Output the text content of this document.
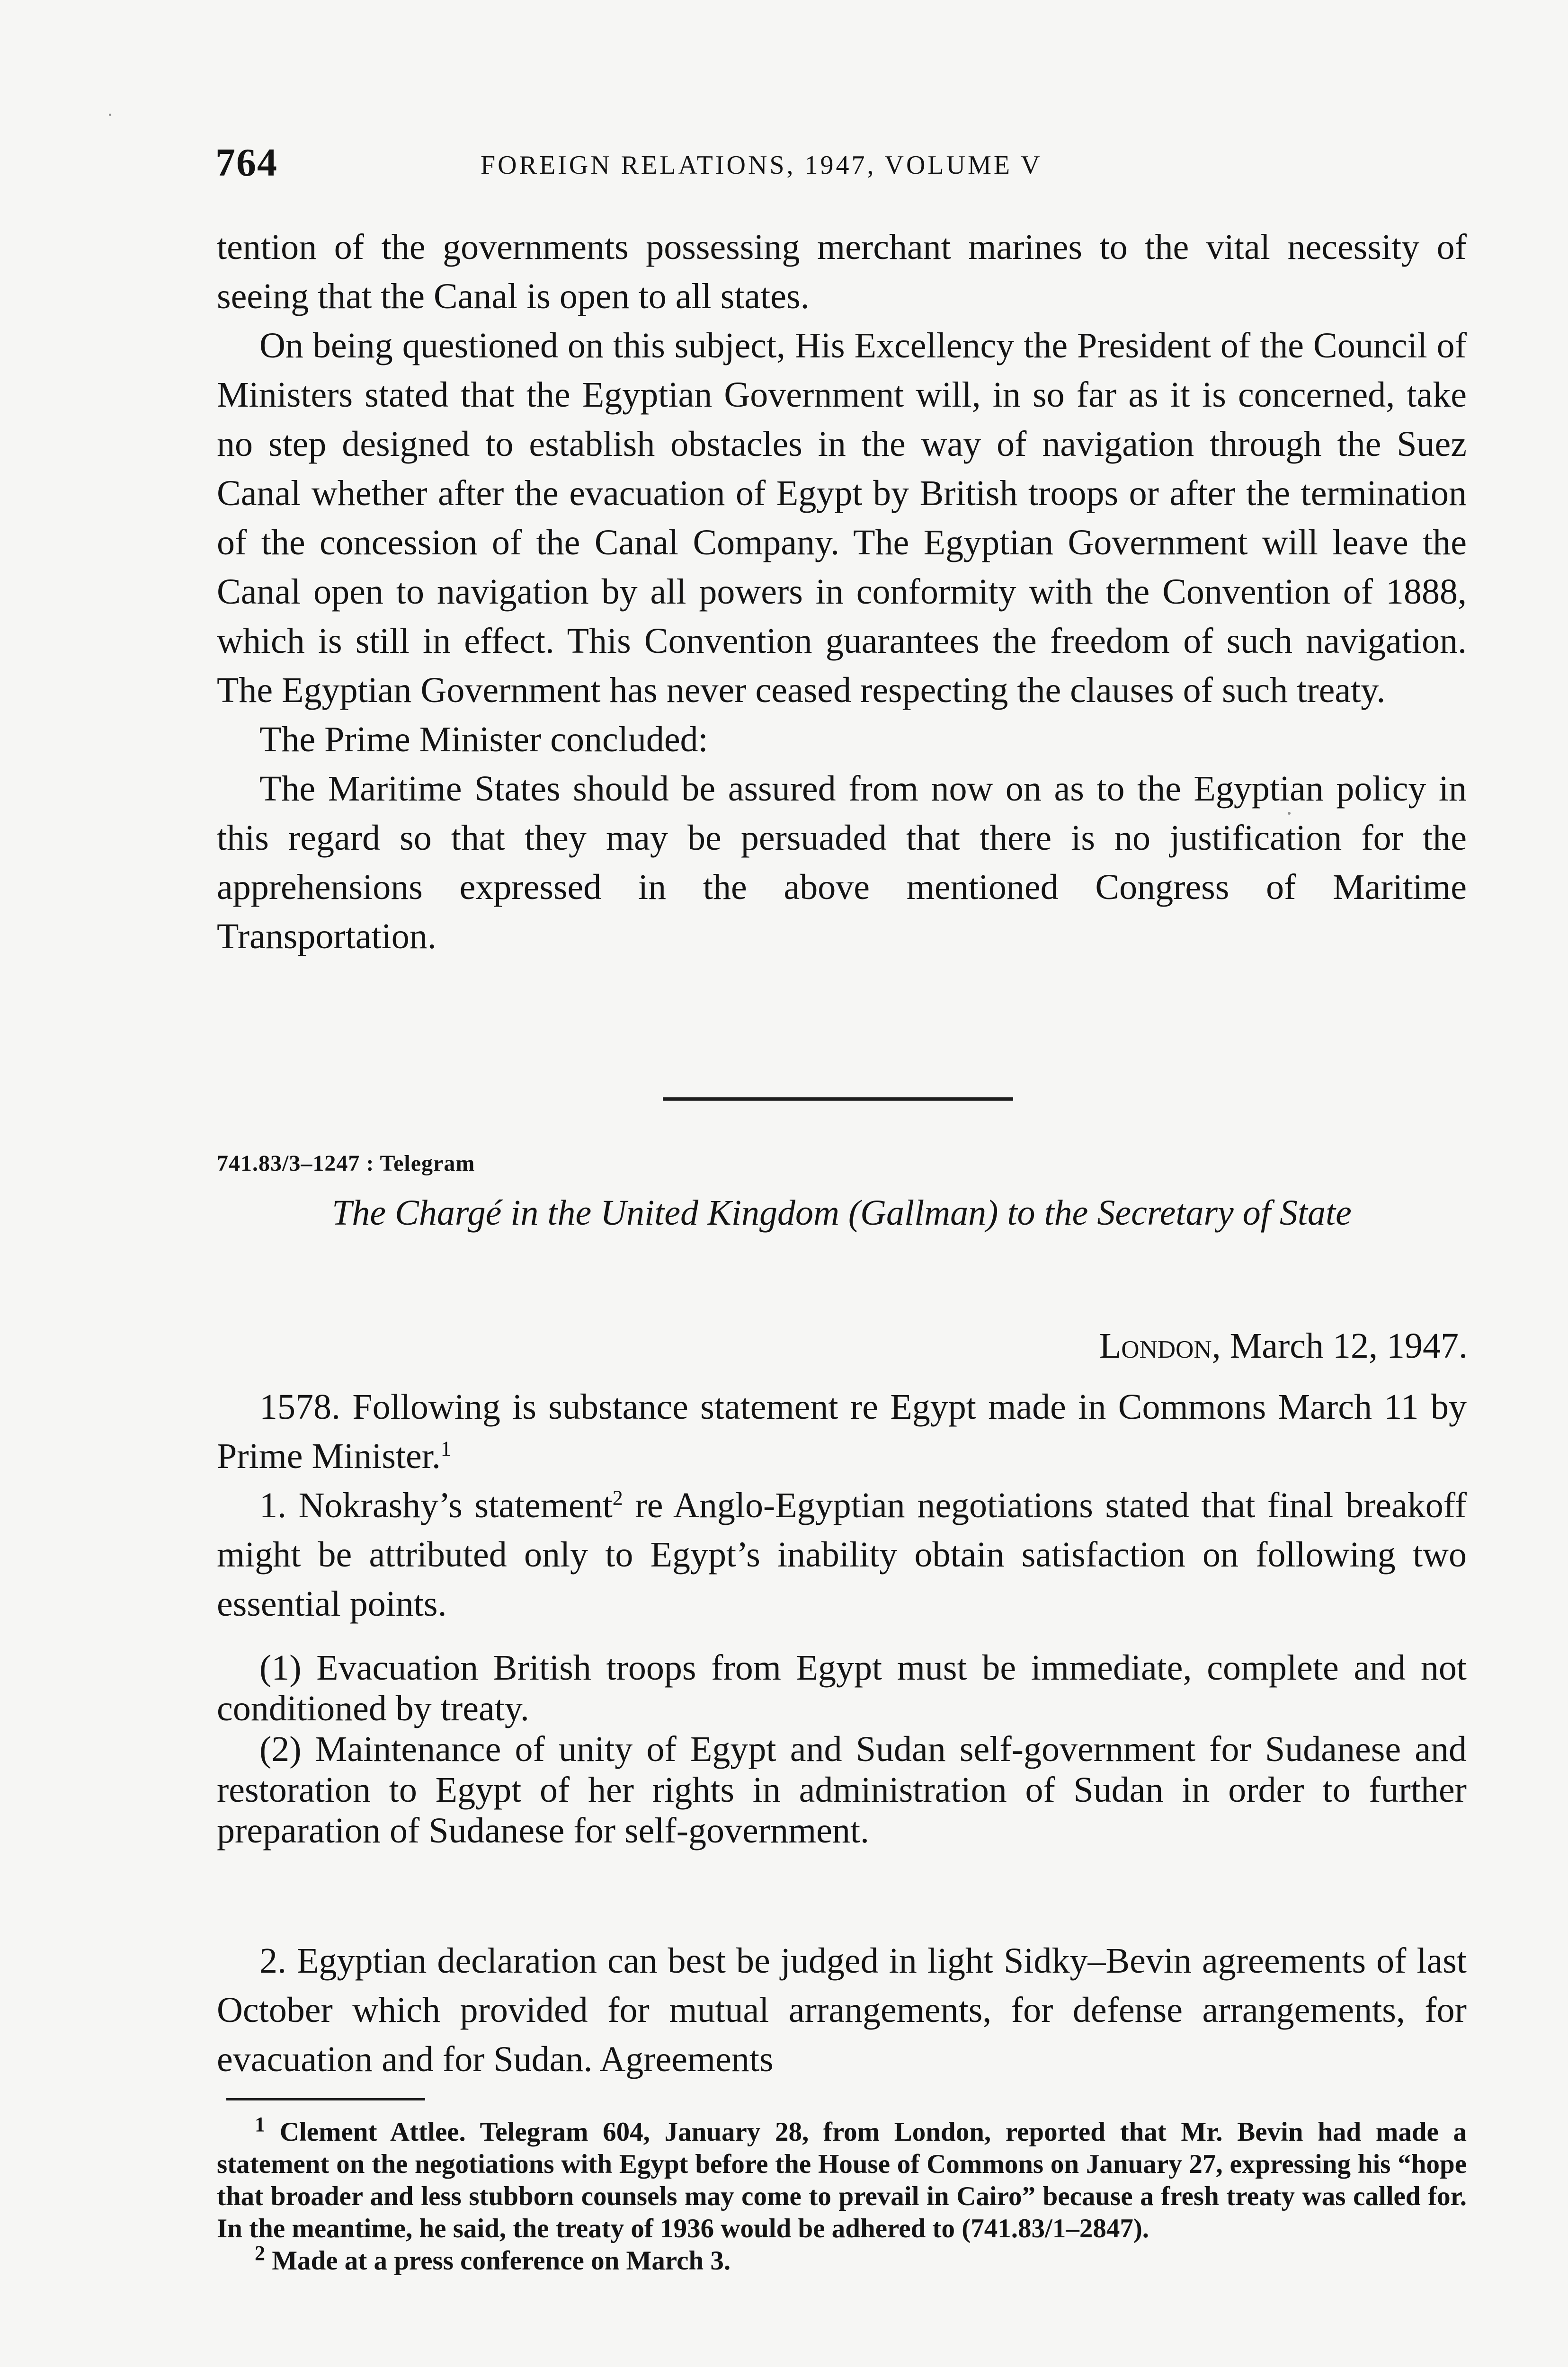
764	FOREIGN RELATIONS, 1947, VOLUME V

tention of the governments possessing merchant marines to the vital necessity of seeing that the Canal is open to all states.

On being questioned on this subject, His Excellency the President of the Council of Ministers stated that the Egyptian Government will, in so far as it is concerned, take no step designed to establish obstacles in the way of navigation through the Suez Canal whether after the evacuation of Egypt by British troops or after the termination of the concession of the Canal Company. The Egyptian Government will leave the Canal open to navigation by all powers in conformity with the Convention of 1888, which is still in effect. This Convention guarantees the freedom of such navigation. The Egyptian Government has never ceased respecting the clauses of such treaty.

The Prime Minister concluded:

The Maritime States should be assured from now on as to the Egyptian policy in this regard so that they may be persuaded that there is no justification for the apprehensions expressed in the above mentioned Congress of Maritime Transportation.

741.83/3–1247 : Telegram
The Chargé in the United Kingdom (Gallman) to the Secretary of State
London, March 12, 1947.

1578. Following is substance statement re Egypt made in Commons March 11 by Prime Minister.$^1$

1. Nokrashy’s statement$^2$ re Anglo-Egyptian negotiations stated that final breakoff might be attributed only to Egypt’s inability obtain satisfaction on following two essential points.

(1) Evacuation British troops from Egypt must be immediate, complete and not conditioned by treaty.

(2) Maintenance of unity of Egypt and Sudan self-government for Sudanese and restoration to Egypt of her rights in administration of Sudan in order to further preparation of Sudanese for self-government.

2. Egyptian declaration can best be judged in light Sidky–Bevin agreements of last October which provided for mutual arrangements, for defense arrangements, for evacuation and for Sudan. Agreements

$^1$ Clement Attlee. Telegram 604, January 28, from London, reported that Mr. Bevin had made a statement on the negotiations with Egypt before the House of Commons on January 27, expressing his “hope that broader and less stubborn counsels may come to prevail in Cairo” because a fresh treaty was called for. In the meantime, he said, the treaty of 1936 would be adhered to (741.83/1–2847).

$^2$ Made at a press conference on March 3.
